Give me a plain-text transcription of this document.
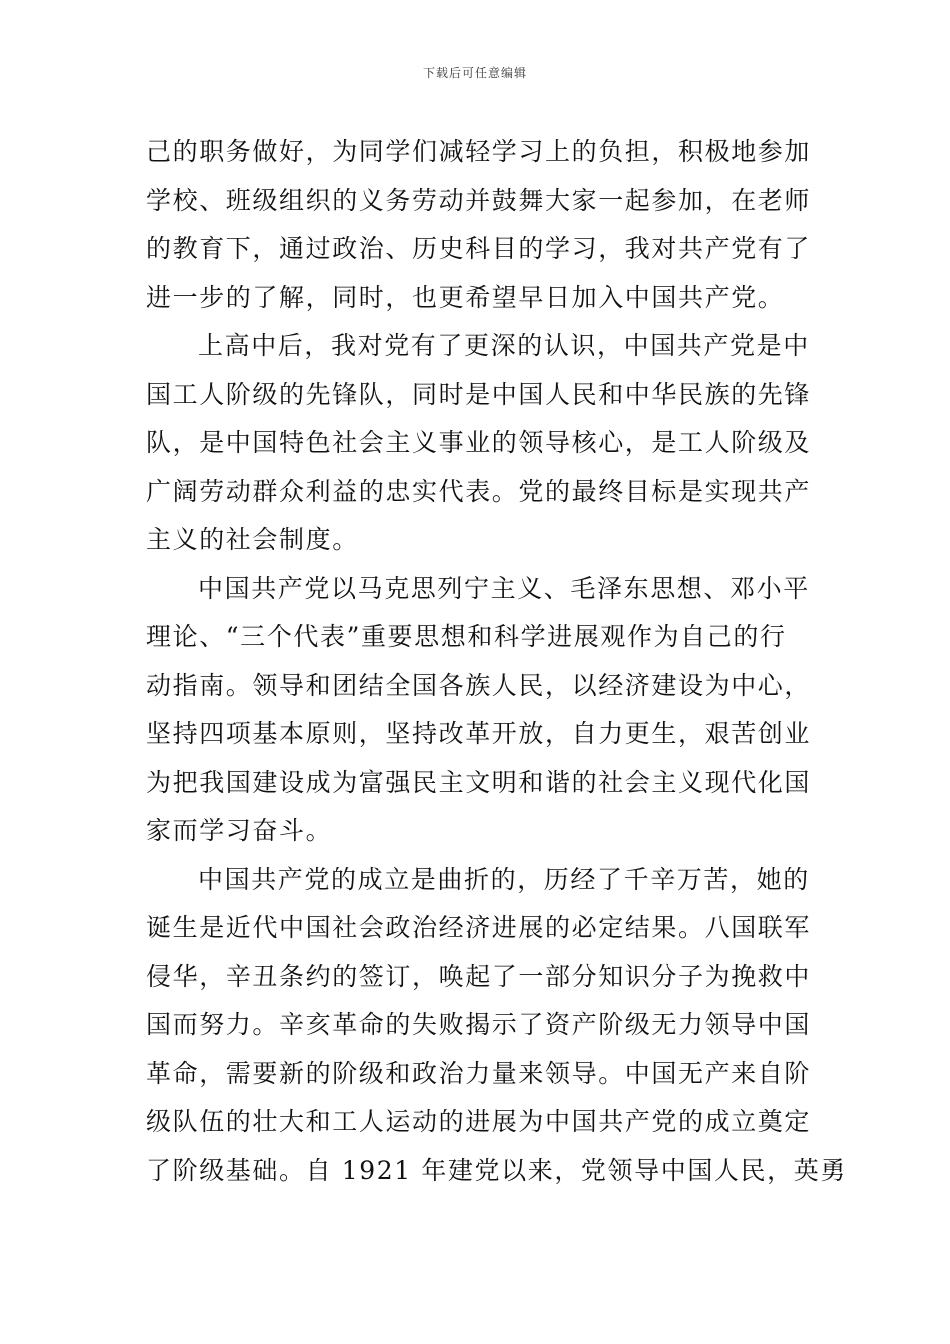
下载后可任意编辑
己的职务做好，为同学们减轻学习上的负担，积极地参加
学校、班级组织的义务劳动并鼓舞大家一起参加，在老师
的教育下，通过政治、历史科目的学习，我对共产党有了
进一步的了解，同时，也更希望早日加入中国共产党。
上高中后，我对党有了更深的认识，中国共产党是中
国工人阶级的先锋队，同时是中国人民和中华民族的先锋
队，是中国特色社会主义事业的领导核心，是工人阶级及
广阔劳动群众利益的忠实代表。党的最终目标是实现共产
主义的社会制度。
中国共产党以马克思列宁主义、毛泽东思想、邓小平
理论、“三个代表”重要思想和科学进展观作为自己的行
动指南。领导和团结全国各族人民，以经济建设为中心，
坚持四项基本原则，坚持改革开放，自力更生，艰苦创业
为把我国建设成为富强民主文明和谐的社会主义现代化国
家而学习奋斗。
中国共产党的成立是曲折的，历经了千辛万苦，她的
诞生是近代中国社会政治经济进展的必定结果。八国联军
侵华，辛丑条约的签订，唤起了一部分知识分子为挽救中
国而努力。辛亥革命的失败揭示了资产阶级无力领导中国
革命，需要新的阶级和政治力量来领导。中国无产来自阶
级队伍的壮大和工人运动的进展为中国共产党的成立奠定
了阶级基础。自 1921 年建党以来，党领导中国人民，英勇
